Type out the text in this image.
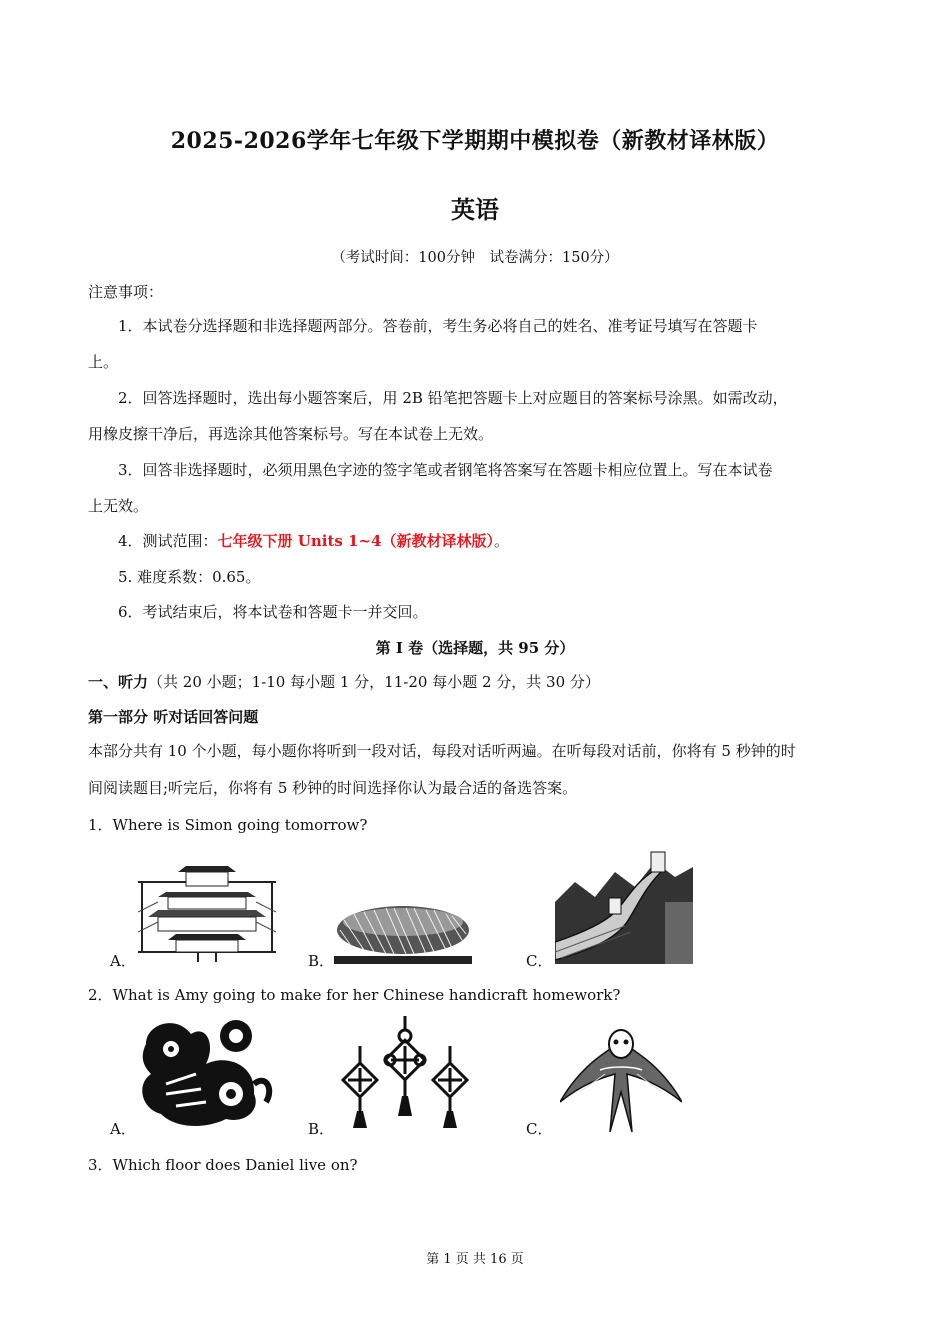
2025-2026学年七年级下学期期中模拟卷（新教材译林版）
英语
（考试时间：100分钟　试卷满分：150分）
注意事项：
1．本试卷分选择题和非选择题两部分。答卷前，考生务必将自己的姓名、准考证号填写在答题卡
上。
2．回答选择题时，选出每小题答案后，用 2B 铅笔把答题卡上对应题目的答案标号涂黑。如需改动，
用橡皮擦干净后，再选涂其他答案标号。写在本试卷上无效。
3．回答非选择题时，必须用黑色字迹的签字笔或者钢笔将答案写在答题卡相应位置上。写在本试卷
上无效。
4．测试范围：七年级下册 Units 1~4（新教材译林版）。
5. 难度系数：0.65。
6．考试结束后，将本试卷和答题卡一并交回。
第 I 卷（选择题，共 95 分）
一、听力（共 20 小题；1-10 每小题 1 分，11-20 每小题 2 分，共 30 分）
第一部分 听对话回答问题
本部分共有 10 个小题，每小题你将听到一段对话，每段对话听两遍。在听每段对话前，你将有 5 秒钟的时
间阅读题目;听完后，你将有 5 秒钟的时间选择你认为最合适的备选答案。
1．Where is Simon going tomorrow?
A．	B．	C．
2．What is Amy going to make for her Chinese handicraft homework?
A．	B．	C．
3．Which floor does Daniel live on?
第 1 页 共 16 页
